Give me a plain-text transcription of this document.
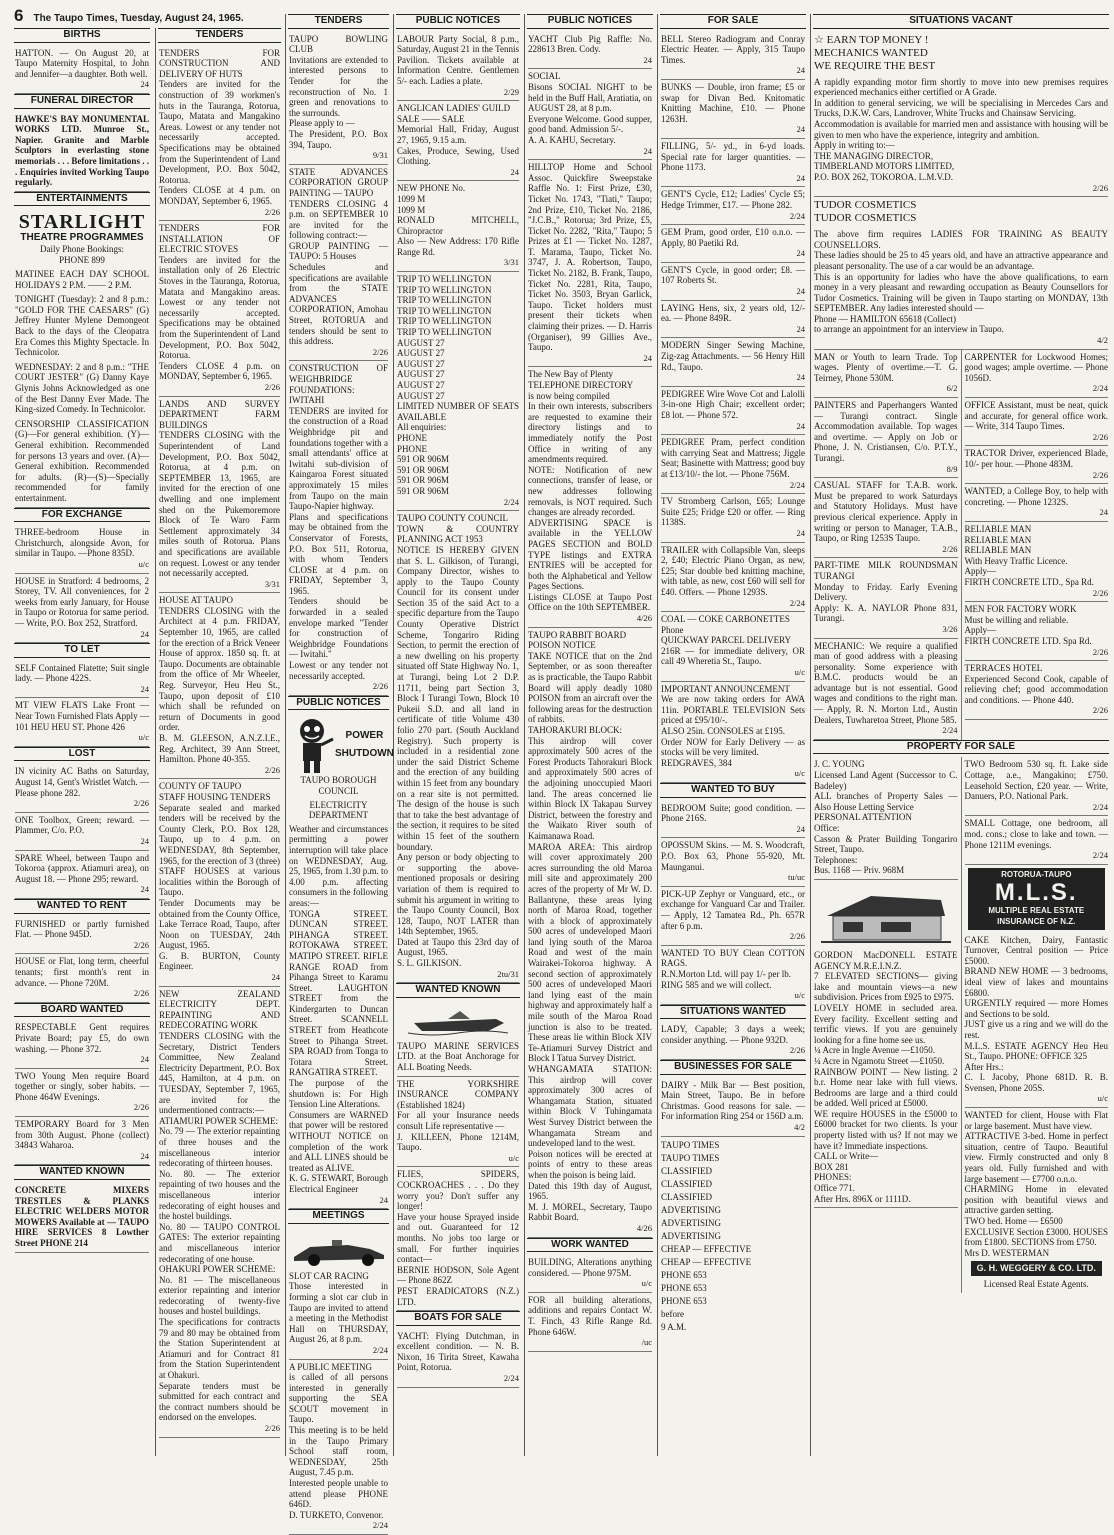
6 The Taupo Times, Tuesday, August 24, 1965.
BIRTHS

HATTON. — On August 20, at Taupo Maternity Hospital, to John and Jennifer—a daughter. Both well.

24
FUNERAL DIRECTOR

HAWKE'S BAY MONUMENTAL WORKS LTD. Munroe St., Napier. Granite and Marble Sculptors in everlasting stone memorials . . . Before limitations . . . Enquiries invited Working Taupo regularly.

ENTERTAINMENTS
STARLIGHT
THEATRE PROGRAMMES
Daily Phone Bookings:
PHONE 899

MATINEE EACH DAY SCHOOL HOLIDAYS 2 P.M. —— 2 P.M.

TONIGHT (Tuesday): 2 and 8 p.m.: "GOLD FOR THE CAESARS" (G) Jeffrey Hunter Mylene Demongeot Back to the days of the Cleopatra Era Comes this Mighty Spectacle. In Technicolor.

WEDNESDAY: 2 and 8 p.m.: "THE COURT JESTER" (G) Danny Kaye Glynis Johns Acknowledged as one of the Best Danny Ever Made. The King-sized Comedy. In Technicolor.

CENSORSHIP CLASSIFICATION (G)—For general exhibition. (Y)—General exhibition. Recommended for persons 13 years and over. (A)—General exhibition. Recommended for adults. (R)—(S)—Specially recommended for family entertainment.

FOR EXCHANGE

THREE-bedroom House in Christchurch, alongside Avon, for similar in Taupo. —Phone 835D.

u/c

HOUSE in Stratford: 4 bedrooms, 2 Storey, TV. All conveniences, for 2 weeks from early January, for House in Taupo or Rotorua for same period. — Write, P.O. Box 252, Stratford.

24
TO LET

SELF Contained Flatette; Suit single lady. — Phone 422S.

24

MT VIEW FLATS Lake Front — Near Town Furnished Flats Apply — 101 HEU HEU ST. Phone 426

u/c
LOST

IN vicinity AC Baths on Saturday, August 14, Gent's Wristlet Watch. — Please phone 282.

2/26

ONE Toolbox, Green; reward. — Plammer, C/o. P.O.

24

SPARE Wheel, between Taupo and Tokoroa (approx. Atiamuri area), on August 18. — Phone 295; reward.

24
WANTED TO RENT

FURNISHED or partly furnished Flat. — Phone 945D.

2/26

HOUSE or Flat, long term, cheerful tenants; first month's rent in advance. — Phone 720M.

2/26
BOARD WANTED

RESPECTABLE Gent requires Private Board; pay £5, do own washing. — Phone 372.

24

TWO Young Men require Board together or singly, sober habits. — Phone 464W Evenings.

2/26

TEMPORARY Board for 3 Men from 30th August. Phone (collect) 34843 Waharoa.

24
WANTED KNOWN

CONCRETE MIXERS TRESTLES & PLANKS ELECTRIC WELDERS MOTOR MOWERS Available at — TAUPO HIRE SERVICES 8 Lowther Street PHONE 214

TENDERS

TENDERS FOR CONSTRUCTION AND DELIVERY OF HUTS
Tenders are invited for the construction of 39 workmen's huts in the Tauranga, Rotorua, Taupo, Matata and Mangakino Areas. Lowest or any tender not necessarily accepted. Specifications may be obtained from the Superintendent of Land Development, P.O. Box 5042, Rotorua.
Tenders CLOSE at 4 p.m. on MONDAY, September 6, 1965.

2/26

TENDERS FOR INSTALLATION OF ELECTRIC STOVES
Tenders are invited for the installation only of 26 Electric Stoves in the Tauranga, Rotorua, Matata and Mangakino areas. Lowest or any tender not necessarily accepted. Specifications may be obtained from the Superintendent of Land Development, P.O. Box 5042, Rotorua.
Tenders CLOSE 4 p.m. on MONDAY, September 6, 1965.

2/26

LANDS AND SURVEY DEPARTMENT FARM BUILDINGS
TENDERS CLOSING with the Superintendent of Land Development, P.O. Box 5042, Rotorua, at 4 p.m. on SEPTEMBER 13, 1965, are invited for the erection of one dwelling and one implement shed on the Pukemoremore Block of Te Waro Farm Settlement approximately 34 miles south of Rotorua. Plans and specifications are available on request. Lowest or any tender not necessarily accepted.

3/31

HOUSE AT TAUPO
TENDERS CLOSING with the Architect at 4 p.m. FRIDAY, September 10, 1965, are called for the erection of a Brick Veneer House of approx. 1850 sq. ft. at Taupo. Documents are obtainable from the office of Mr Wheeler, Reg. Surveyor, Heu Heu St., Taupo, upon deposit of £10 which shall be refunded on return of Documents in good order.
B. M. GLEESON, A.N.Z.I.E., Reg. Architect, 39 Ann Street, Hamilton. Phone 40-355.

2/26

COUNTY OF TAUPO
STAFF HOUSING TENDERS
Separate sealed and marked tenders will be received by the County Clerk, P.O. Box 128, Taupo, up to 4 p.m. on WEDNESDAY, 8th September, 1965, for the erection of 3 (three) STAFF HOUSES at various localities within the Borough of Taupo.
Tender Documents may be obtained from the County Office, Lake Terrace Road, Taupo, after Noon on TUESDAY, 24th August, 1965.
G. B. BURTON, County Engineer.

24

NEW ZEALAND ELECTRICITY DEPT. REPAINTING AND REDECORATING WORK
TENDERS CLOSING with the Secretary, District Tenders Committee, New Zealand Electricity Department, P.O. Box 445, Hamilton, at 4 p.m. on TUESDAY, September 7, 1965, are invited for the undermentioned contracts:—
ATIAMURI POWER SCHEME:
No. 79 — The exterior repainting of three houses and the miscellaneous interior redecorating of thirteen houses.
No. 80. — The exterior repainting of two houses and the miscellaneous interior redecorating of eight houses and the hostel buildings.
No. 80 — TAUPO CONTROL GATES: The exterior repainting and miscellaneous interior redecorating of one house.
OHAKURI POWER SCHEME:
No. 81 — The miscellaneous exterior repainting and interior redecorating of twenty-five houses and hostel buildings.
The specifications for contracts 79 and 80 may be obtained from the Station Superintendent at Atiamuri and for Contract 81 from the Station Superintendent at Ohakuri.
Separate tenders must be submitted for each contract and the contract numbers should be endorsed on the envelopes.

2/26
TENDERS

TAUPO BOWLING CLUB
Invitations are extended to interested persons to Tender for the reconstruction of No. 1 green and renovations to the surrounds.
Please apply to —
The President, P.O. Box 394, Taupo.

9/31

STATE ADVANCES CORPORATION GROUP PAINTING — TAUPO
TENDERS CLOSING 4 p.m. on SEPTEMBER 10 are invited for the following contract:—
GROUP PAINTING — TAUPO: 5 Houses
Schedules and specifications are available from the STATE ADVANCES CORPORATION, Amohau Street, ROTORUA and tenders should be sent to this address.

2/26

CONSTRUCTION OF WEIGHBRIDGE FOUNDATIONS: IWITAHI
TENDERS are invited for the construction of a Road Weighbridge pit and foundations together with a small attendants' office at Iwitahi sub-division of Kaingaroa Forest situated approximately 15 miles from Taupo on the main Taupo-Napier highway.
Plans and specifications may be obtained from the Conservator of Forests, P.O. Box 511, Rotorua, with whom Tenders CLOSE at 4 p.m. on FRIDAY, September 3, 1965.
Tenders should be forwarded in a sealed envelope marked "Tender for construction of Weighbridge Foundations — Iwitahi."
Lowest or any tender not necessarily accepted.

2/26
PUBLIC NOTICES
POWER
SHUTDOWN
TAUPO BOROUGH COUNCIL
ELECTRICITY DEPARTMENT

Weather and circumstances permitting a power interruption will take place on WEDNESDAY, Aug. 25, 1965, from 1.30 p.m. to 4.00 p.m. affecting consumers in the following areas:—
TONGA STREET. DUNCAN STREET. PIHANGA STREET. ROTOKAWA STREET. MATIPO STREET. RIFLE RANGE ROAD from Pihanga Street to Karamu Street. LAUGHTON STREET from the Kindergarten to Duncan Street. SCANNELL STREET from Heathcote Street to Pihanga Street. SPA ROAD from Tonga to Totara Street. RANGATIRA STREET.
The purpose of the shutdown is: For High Tension Line Alterations.
Consumers are WARNED that power will be restored WITHOUT NOTICE on completion of the work and ALL LINES should be treated as ALIVE.
K. G. STEWART, Borough Electrical Engineer

24
MEETINGS

SLOT CAR RACING
Those interested in forming a slot car club in Taupo are invited to attend a meeting in the Methodist Hall on THURSDAY, August 26, at 8 p.m.

2/24

A PUBLIC MEETING
is called of all persons interested in generally supporting the SEA SCOUT movement in Taupo.
This meeting is to be held in the Taupo Primary School staff room, WEDNESDAY, 25th August, 7.45 p.m.
Interested people unable to attend please PHONE 646D.
D. TURKETO, Convenor.

2/24
PUBLIC NOTICES

LABOUR Party Social, 8 p.m., Saturday, August 21 in the Tennis Pavilion. Tickets available at Information Centre. Gentlemen 5/- each. Ladies a plate.

2/29

ANGLICAN LADIES' GUILD
SALE —— SALE
Memorial Hall, Friday, August 27, 1965, 9.15 a.m.
Cakes, Produce, Sewing, Used Clothing.

24

NEW PHONE No.
1099 M
1099 M
RONALD MITCHELL, Chiropractor
Also — New Address: 170 Rifle Range Rd.

3/31

TRIP TO WELLINGTON
TRIP TO WELLINGTON
TRIP TO WELLINGTON
TRIP TO WELLINGTON
TRIP TO WELLINGTON
TRIP TO WELLINGTON
AUGUST 27
AUGUST 27
AUGUST 27
AUGUST 27
AUGUST 27
AUGUST 27
LIMITED NUMBER OF SEATS AVAILABLE
All enquiries:
PHONE
PHONE
591 OR 906M
591 OR 906M
591 OR 906M
591 OR 906M

2/24

TAUPO COUNTY COUNCIL
TOWN & COUNTRY PLANNING ACT 1953
NOTICE IS HEREBY GIVEN that S. L. Gilkison, of Turangi, Company Director, wishes to apply to the Taupo County Council for its consent under Section 35 of the said Act to a specific departure from the Taupo County Operative District Scheme, Tongariro Riding Section, to permit the erection of a new dwelling on his property situated off State Highway No. 1, at Turangi, being Lot 2 D.P. 11711, being part Section 3, Block I Turangi Town, Block 10 Pukeii S.D. and all land in certificate of title Volume 430 folio 270 part. (South Auckland Registry). Such property is included in a residential zone under the said District Scheme and the erection of any building within 15 feet from any boundary on a rear site is not permitted. The design of the house is such that to take the best advantage of the section, it requires to be sited within 15 feet of the southern boundary.
Any person or body objecting to or supporting the above-mentioned proposals or desiring variation of them is required to submit his argument in writing to the Taupo County Council, Box 128, Taupo, NOT LATER than 14th September, 1965.
Dated at Taupo this 23rd day of August, 1965.
S. L. GILKISON.

2tu/31
WANTED KNOWN

TAUPO MARINE SERVICES LTD. at the Boat Anchorage for ALL Boating Needs.

THE YORKSHIRE INSURANCE COMPANY (Established 1824)
For all your Insurance needs consult Life representative —
J. KILLEEN, Phone 1214M, Taupo.

u/c

FLIES, SPIDERS, COCKROACHES . . . Do they worry you? Don't suffer any longer!
Have your house Sprayed inside and out. Guaranteed for 12 months. No jobs too large or small. For further inquiries contact—
BERNIE HODSON, Sole Agent — Phone 862Z
PEST ERADICATORS (N.Z.) LTD.

BOATS FOR SALE

YACHT: Flying Dutchman, in excellent condition. — N. B. Nixon, 16 Tirita Street, Kawaha Point, Rotorua.

2/24
PUBLIC NOTICES

YACHT Club Pig Raffle: No. 228613 Bren. Cody.

24

SOCIAL
Bisons SOCIAL NIGHT to be held in the Buff Hall, Aratiatia, on AUGUST 28, at 8 p.m.
Everyone Welcome. Good supper, good band. Admission 5/-.
A. A. KAHU, Secretary.

24

HILLTOP Home and School Assoc. Quickfire Sweepstake Raffle No. 1: First Prize, £30, Ticket No. 1743, "Tiati," Taupo; 2nd Prize, £10, Ticket No. 2186, "J.C.B.," Rotorua; 3rd Prize, £5, Ticket No. 2282, "Rita," Taupo; 5 Prizes at £1 — Ticket No. 1287, T. Marama, Taupo, Ticket No. 3747, J. A. Robertson, Taupo, Ticket No. 2182, B. Frank, Taupo, Ticket No. 2281, Rita, Taupo, Ticket No. 3503, Bryan Garlick, Taupo. Ticket holders must present their tickets when claiming their prizes. — D. Harris (Organiser), 99 Gillies Ave., Taupo.

24

The New Bay of Plenty
TELEPHONE DIRECTORY
is now being compiled
In their own interests, subscribers are requested to examine their directory listings and to immediately notify the Post Office in writing of any amendments required.
NOTE: Notification of new connections, transfer of lease, or new addresses following removals, is NOT required. Such changes are already recorded.
ADVERTISING SPACE is available in the YELLOW PAGES SECTION and BOLD TYPE listings and EXTRA ENTRIES will be accepted for both the Alphabetical and Yellow Pages Sections.
Listings CLOSE at Taupo Post Office on the 10th SEPTEMBER.

4/26

TAUPO RABBIT BOARD
POISON NOTICE
TAKE NOTICE that on the 2nd September, or as soon thereafter as is practicable, the Taupo Rabbit Board will apply deadly 1080 POISON from an aircraft over the following areas for the destruction of rabbits.
TAHORAKURI BLOCK:
This airdrop will cover approximately 500 acres of the Forest Products Tahorakuri Block and approximately 500 acres of the adjoining unoccupied Maori land. The areas concerned lie within Block IX Takapau Survey District, between the forestry and the Waikato River south of Kaimanawa Road.
MAROA AREA: This airdrop will cover approximately 200 acres surrounding the old Maroa mill site and approximately 200 acres of the property of Mr W. D. Ballantyne, these areas lying north of Maroa Road, together with a block of approximately 500 acres of undeveloped Maori land lying south of the Maroa Road and west of the main Wairakei-Tokoroa highway. A second section of approximately 500 acres of undeveloped Maori land lying east of the main highway and approximately half a mile south of the Maroa Road junction is also to be treated. These areas lie within Block XIV Te-Atiamuri Survey District and Block I Tatua Survey District.
WHANGAMATA STATION: This airdrop will cover approximately 300 acres of Whangamata Station, situated within Block V Tuhingamata West Survey District between the Whangamata Stream and undeveloped land to the west.
Poison notices will be erected at points of entry to these areas when the poison is being laid.
Dated this 19th day of August, 1965.
M. J. MOREL, Secretary, Taupo Rabbit Board.

4/26
WORK WANTED

BUILDING, Alterations anything considered. — Phone 975M.

u/c

FOR all building alterations, additions and repairs Contact W. T. Finch, 43 Rifle Range Rd. Phone 646W.

/uc
FOR SALE

BELL Stereo Radiogram and Conray Electric Heater. — Apply, 315 Taupo Times.

24

BUNKS — Double, iron frame; £5 or swap for Divan Bed. Knitomatic Knitting Machine, £10. — Phone 1263H.

24

FILLING, 5/- yd., in 6-yd loads. Special rate for larger quantities. — Phone 1173.

24

GENT'S Cycle, £12; Ladies' Cycle £5; Hedge Trimmer, £17. — Phone 282.

2/24

GEM Pram, good order, £10 o.n.o. — Apply, 80 Paetiki Rd.

24

GENT'S Cycle, in good order; £8. — 107 Roberts St.

24

LAYING Hens, six, 2 years old, 12/- ea. — Phone 849R.

24

MODERN Singer Sewing Machine, Zig-zag Attachments. — 56 Henry Hill Rd., Taupo.

24

PEDIGREE Wire Wove Cot and Lalolli 3-in-one High Chair; excellent order; £8 lot. — Phone 572.

24

PEDIGREE Pram, perfect condition with carrying Seat and Mattress; Jiggle Seat; Basinette with Mattress; good buy at £13/10/- the lot. — Phone 756M.

2/24

TV Stromberg Carlson, £65; Lounge Suite £25; Fridge £20 or offer. — Ring 1138S.

24

TRAILER with Collapsible Van, sleeps 2, £40; Electric Piano Organ, as new, £25; Star double bed knitting machine, with table, as new, cost £60 will sell for £40. Offers. — Phone 1293S.

2/24

COAL — COKE CARBONETTES
Phone
QUICKWAY PARCEL DELIVERY
216R — for immediate delivery, OR call 49 Wheretia St., Taupo.

u/c

IMPORTANT ANNOUNCEMENT
We are now taking orders for AWA 11in. PORTABLE TELEVISION Sets priced at £95/10/-.
ALSO 25in. CONSOLES at £195.
Order NOW for Early Delivery — as stocks will be very limited.
REDGRAVES, 384

u/c
WANTED TO BUY

BEDROOM Suite; good condition. — Phone 216S.

24

OPOSSUM Skins. — M. S. Woodcraft, P.O. Box 63, Phone 55-920, Mt. Maunganui.

tu/uc

PICK-UP Zephyr or Vanguard, etc., or exchange for Vanguard Car and Trailer. — Apply, 12 Tamatea Rd., Ph. 657R after 6 p.m.

2/26

WANTED TO BUY Clean COTTON RAGS.
R.N.Morton Ltd. will pay 1/- per lb.
RING 585 and we will collect.

u/c
SITUATIONS WANTED

LADY, Capable; 3 days a week; consider anything. — Phone 932D.

2/26
BUSINESSES FOR SALE

DAIRY - Milk Bar — Best position, Main Street, Taupo. Be in before Christmas. Good reasons for sale. — For information Ring 254 or 156D a.m.

4/2

TAUPO TIMES
TAUPO TIMES
CLASSIFIED
CLASSIFIED
CLASSIFIED
ADVERTISING
ADVERTISING
ADVERTISING
CHEAP — EFFECTIVE
CHEAP — EFFECTIVE
PHONE 653
PHONE 653
PHONE 653
before
9 A.M.

SITUATIONS VACANT

☆ EARN TOP MONEY !
MECHANICS WANTED
WE REQUIRE THE BEST

A rapidly expanding motor firm shortly to move into new premises requires experienced mechanics either certified or A Grade.
In addition to general servicing, we will be specialising in Mercedes Cars and Trucks, D.K.W. Cars, Landrover, White Trucks and Chainsaw Servicing.
Accommodation is available for married men and assistance with housing will be given to men who have the experience, integrity and ambition.
Apply in writing to:—
THE MANAGING DIRECTOR,
TIMBERLAND MOTORS LIMITED,
P.O. BOX 262, TOKOROA. L.M.V.D.

2/26

TUDOR COSMETICS
TUDOR COSMETICS

The above firm requires LADIES FOR TRAINING AS BEAUTY COUNSELLORS.
These ladies should be 25 to 45 years old, and have an attractive appearance and pleasant personality. The use of a car would be an advantage.
This is an opportunity for ladies who have the above qualifications, to earn money in a very pleasant and rewarding occupation as Beauty Counsellors for Tudor Cosmetics. Training will be given in Taupo starting on MONDAY, 13th SEPTEMBER. Any ladies interested should —
Phone — HAMILTON 65618 (Collect)
to arrange an appointment for an interview in Taupo.

4/2

MAN or Youth to learn Trade. Top wages. Plenty of overtime.—T. G. Teirney, Phone 530M.

6/2

PAINTERS and Paperhangers Wanted — Turangi contract. Single Accommodation available. Top wages and overtime. — Apply on Job or Phone, J. N. Cristiansen, C/o. P.T.Y., Turangi.

8/9

CASUAL STAFF for T.A.B. work. Must be prepared to work Saturdays and Statutory Holidays. Must have previous clerical experience. Apply in writing or person to Manager, T.A.B., Taupo, or Ring 1253S Taupo.

2/26

PART-TIME MILK ROUNDSMAN TURANGI
Monday to Friday. Early Evening Delivery.
Apply: K. A. NAYLOR Phone 831, Turangi.

3/26

MECHANIC: We require a qualified man of good address with a pleasing personality. Some experience with B.M.C. products would be an advantage but is not essential. Good wages and conditions to the right man. — Apply, R. N. Morton Ltd., Austin Dealers, Tuwharetoa Street, Phone 585.

2/24

CARPENTER for Lockwood Homes; good wages; ample overtime. — Phone 1056D.

2/24

OFFICE Assistant, must be neat, quick and accurate, for general office work. — Write, 314 Taupo Times.

2/26

TRACTOR Driver, experienced Blade, 10/- per hour. —Phone 483M.

2/26

WANTED, a College Boy, to help with concreting. — Phone 1232S.

24

RELIABLE MAN
RELIABLE MAN
RELIABLE MAN
With Heavy Traffic Licence.
Apply—
FIRTH CONCRETE LTD., Spa Rd.

2/26

MEN FOR FACTORY WORK
Must be willing and reliable.
Apply—
FIRTH CONCRETE LTD. Spa Rd.

2/26

TERRACES HOTEL
Experienced Second Cook, capable of relieving chef; good accommodation and conditions. — Phone 440.

2/26
PROPERTY FOR SALE

J. C. YOUNG
Licensed Land Agent (Successor to C. Badeley)
ALL branches of Property Sales — Also House Letting Service
PERSONAL ATTENTION
Office:
Casson & Prater Building Tongariro Street, Taupo.
Telephones:
Bus. 1168 — Priv. 968M

GORDON MacDONELL ESTATE AGENCY M.R.E.I.N.Z.
7 ELEVATED SECTIONS— giving lake and mountain views—a new subdivision. Prices from £925 to £975.
LOVELY HOME in secluded area. Every facility. Excellent setting and terrific views. If you are genuinely looking for a fine home see us.
¼ Acre in Ingle Avenue —£1050.
¼ Acre in Ngamotu Street —£1050.
RAINBOW POINT — New listing. 2 b.r. Home near lake with full views. Bedrooms are large and a third could be added. Well priced at £5000.
WE require HOUSES in the £5000 to £6000 bracket for two clients. Is your property listed with us? If not may we have it? Immediate inspections.
CALL or Write—
BOX 281
PHONES:
Office 771.
After Hrs. 896X or 1111D.

TWO Bedroom 530 sq. ft. Lake side Cottage, a.e., Mangakino; £750. Leasehold Section, £20 year. — Write, Danuers, P.O. National Park.

2/24

SMALL Cottage, one bedroom, all mod. cons.; close to lake and town. — Phone 1211M evenings.

2/24
ROTORUA-TAUPO
M.L.S.
MULTIPLE REAL ESTATE INSURANCE OF N.Z.

CAKE Kitchen, Dairy, Fantastic Turnover, Central position — Price £5000.
BRAND NEW HOME — 3 bedrooms, ideal view of lakes and mountains £6800.
URGENTLY required — more Homes and Sections to be sold.
JUST give us a ring and we will do the rest.
M.L.S. ESTATE AGENCY Heu Heu St., Taupo. PHONE: OFFICE 325
After Hrs.:
C. I. Jacoby, Phone 681D. R. B. Svensen, Phone 205S.

u/c

WANTED for client, House with Flat or large basement. Must have view.
ATTRACTIVE 3-bed. Home in perfect situation, centre of Taupo. Beautiful view. Firmly constructed and only 8 years old. Fully furnished and with large basement — £7700 o.n.o.
CHARMING Home in elevated position with beautiful views and attractive garden setting.
TWO bed. Home — £6500
EXCLUSIVE Section £3000. HOUSES from £1800. SECTIONS from £750.
Mrs D. WESTERMAN

G. H. WEGGERY & CO. LTD.
Licensed Real Estate Agents.
